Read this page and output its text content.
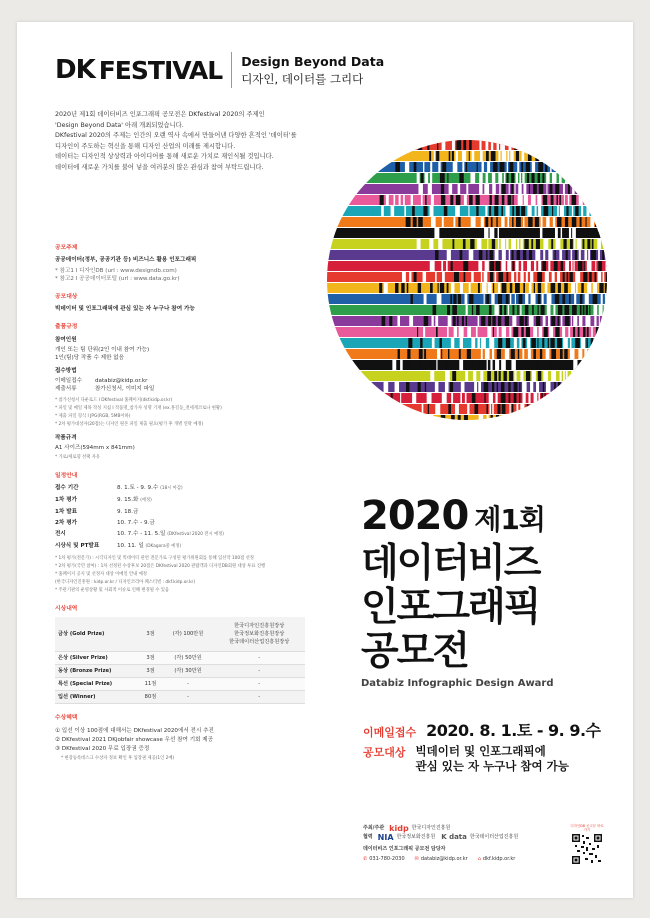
DK FESTIVAL Design Beyond Data
디자인, 데이터를 그리다

2020년 제1회 데이터비즈 인포그래픽 공모전은 DKfestival 2020의 주제인

'Design Beyond Data' 아래 개최되었습니다.

DKfestival 2020의 주제는 인간의 오랜 역사 속에서 만들어낸 다양한 흔적인 '데이터'를

디자인이 주도하는 혁신을 통해 디자인 산업의 미래를 제시합니다.

데이터는 디자인적 상상력과 아이디어를 통해 새로운 가치로 재인식될 것입니다.

데이터에 새로운 가치를 불어 넣을 여러분의 많은 관심과 참여 부탁드립니다.

공모주제
공공데이터(정부, 공공기관 등) 비즈니스 활용 인포그래픽
* 참고1 I 디자인DB (url : www.designdb.com)
* 참고2 I 공공데이터포털 (url : www.data.go.kr)
공모대상
빅데이터 및 인포그래픽에 관심 있는 자 누구나 참여 가능
출품규정
참여인원
개인 또는 팀 단위(2인 이내 참여 가능)
1인(팀)당 작품 수 제한 없음
접수방법
이메일접수	databiz@kidp.or.kr
제출서류	참가신청서, 이미지 파일
* 참가신청서 다운로드 I DKfestival 홈페이지(dkf.kidp.or.kr)
* 파일 및 메일 제목 작성 지침 I 작품명_참가자 성명 기재 (ex.홍길동_전세계코로나 현황)
* 제출 파일 형식 I JPG(RGB, 5MB이하)
* 2차 평가대상자(20점)는 디자인 원본 파일 제출 필요(평가 후 개별 연락 예정)
작품규격
A1 사이즈(594mm x 841mm)
* 가로/세로형 선택 자유
일정안내
접수 기간	8. 1.토 - 9. 9.수 (18시 마감)
1차 평가	9. 15.화 (예정)
1차 발표	9. 18.금
2차 평가	10. 7.수 - 9.금
전시	10. 7.수 - 11. 5.일 (DKfestival 2020 전시 예정)
시상식 및 PT발표	10. 11. 일 (DKagora중 예정)
* 1차 평가(전문가) : 시각디자인 및 빅데이터 관련 전문가로 구성된 평가위원회를 통해 입선작 100점 선정
* 2차 평가(국민 참여) : 1차 선정된 수상후보 20점은 DKfestival 2020 관람객과 디자인DB회원 대상 투표 진행
* 홈페이지 공지 및 선정자 대상 이메일 안내 예정
(한국디자인진흥원 : kidp.or.kr / 디자인코리아 페스티벌 : dkf.kidp.or.kr)
* 주관기관의 운영상황 및 사회적 이슈로 인해 변경될 수 있음
시상내역
금상 (Gold Prize)	3점	(각) 100만원	한국디자인진흥원장상
한국정보화진흥원장상
한국데이터산업진흥원장상

은상 (Silver Prize)	3점	(각) 50만원	-
동상 (Bronze Prize)	3점	(각) 30만원	-
특선 (Special Prize)	11점	-	-
입선 (Winner)	80점	-	-
수상혜택
① 입선 이상 100점에 대해서는 DKfestival 2020에서 전시 추진
② DKfestival 2021 DKjobfair showcase 우선 참여 기회 제공
③ DKfestival 2020 무료 입장권 증정
* 현장등록데스크 수상자 정보 확인 후 입장권 제공(1인 2매)
2020 제1회
데이터비즈
인포그래픽
공모전
Databiz Infographic Design Award
이메일접수 2020. 8. 1.토 - 9. 9.수
공모대상 빅데이터 및 인포그래픽에
관심 있는 자 누구나 참여 가능
주최/주관 kidp 한국디자인진흥원
협력 NIA 한국정보화진흥원 K data 한국데이터산업진흥원
데이터비즈 인포그래픽 공모전 담당자
✆ 031-780-2030 ✉ databiz@kidp.or.kr ⌂ dkf.kidp.or.kr
디자인DB 공고문 바로가기
